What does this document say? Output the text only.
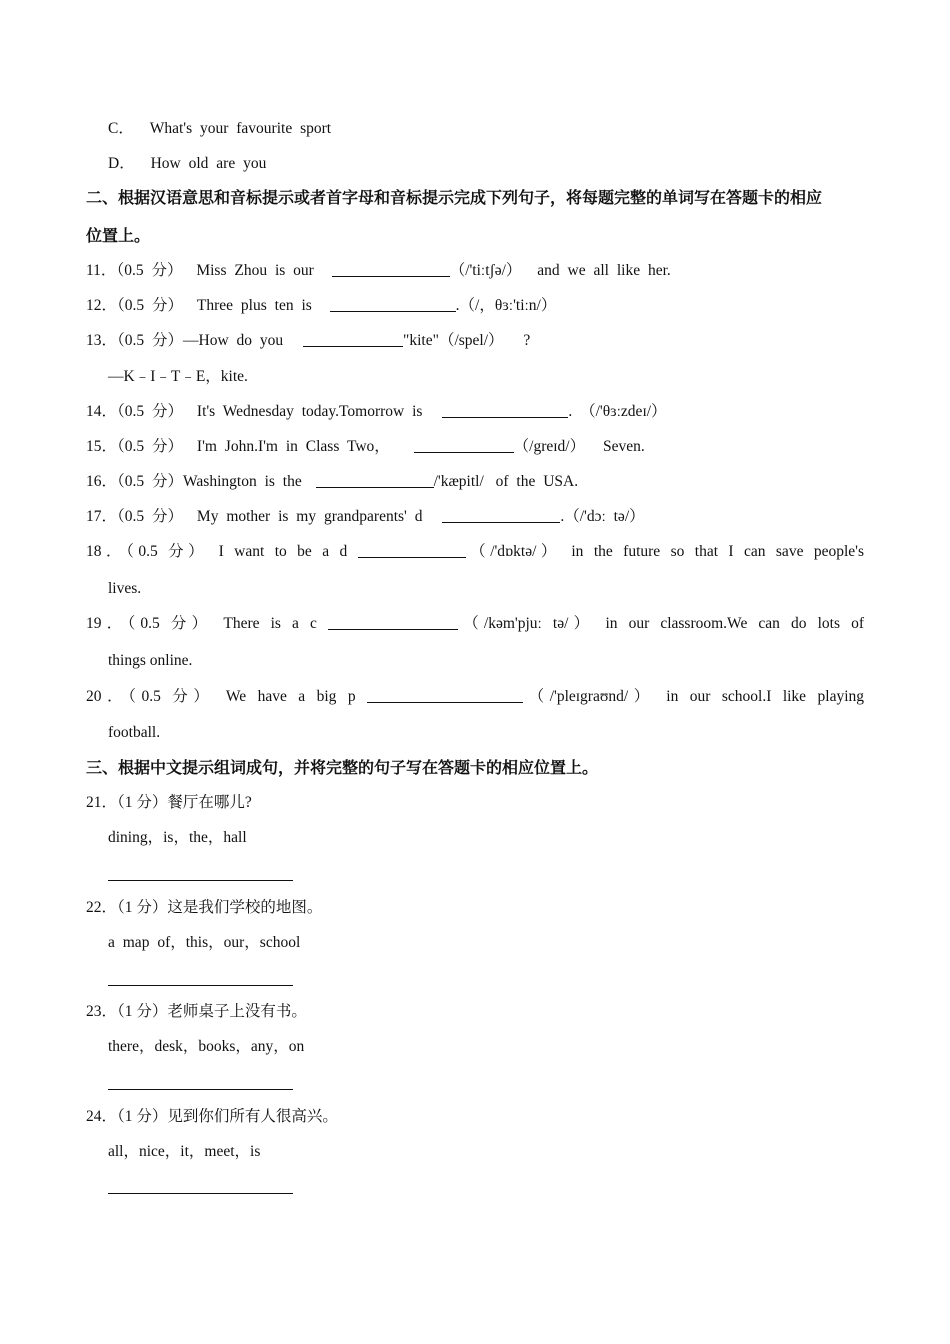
C． What's your favourite sport
D． How old are you
二、根据汉语意思和音标提示或者首字母和音标提示完成下列句子，将每题完整的单词写在答题卡的相应
位置上。
11．（0.5 分） Miss Zhou is our	（/'tiːtʃə/） and we all like her.
12．（0.5 分） Three plus ten is	.（/，θɜː'tiːn/）
13．（0.5 分）—How do you	"kite"（/spel/） ?
—K﹣I﹣T﹣E，kite.
14．（0.5 分） It's Wednesday today.Tomorrow is	. （/'θɜːzdeɪ/）
15．（0.5 分） I'm John.I'm in Class Two，	（/greɪd/） Seven.
16．（0.5 分）Washington is the	/'kæpitl/ of the USA.
17．（0.5 分） My mother is my grandparents' d	.（/'dɔː tə/）
18．（0.5 分） I want to be a d	（/'dɒktə/） in the future so that I can save people's
lives.
19．（0.5 分） There is a c	（/kəm'pjuː tə/） in our classroom.We can do lots of
things online.
20．（0.5 分） We have a big p	（/'pleɪgraʊnd/） in our school.I like playing
football.
三、根据中文提示组词成句，并将完整的句子写在答题卡的相应位置上。
21．（1 分）餐厅在哪儿?
dining，is，the，hall
22．（1 分）这是我们学校的地图。
a map of，this，our，school
23．（1 分）老师桌子上没有书。
there，desk，books，any，on
24．（1 分）见到你们所有人很高兴。
all，nice，it，meet，is
